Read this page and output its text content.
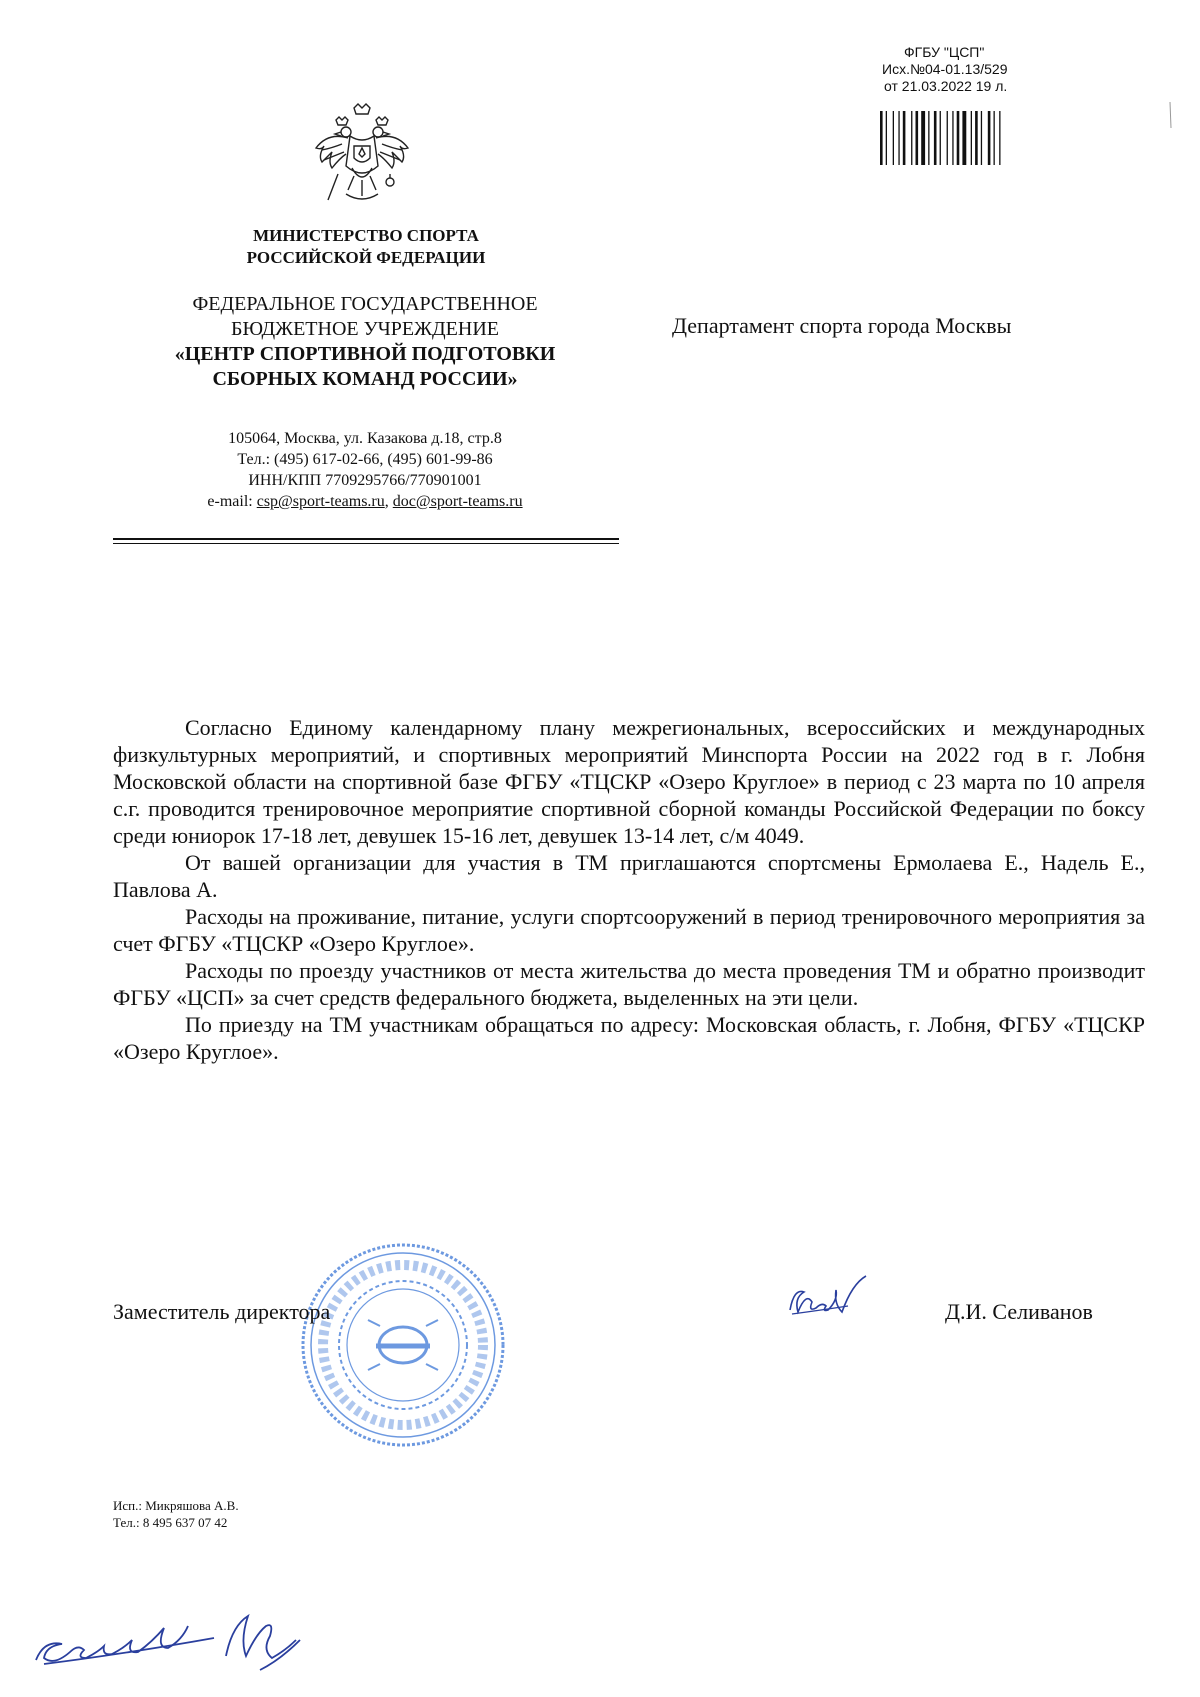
ФГБУ "ЦСП"
Исх.№04-01.13/529
от 21.03.2022 19 л.
МИНИСТЕРСТВО СПОРТА
РОССИЙСКОЙ ФЕДЕРАЦИИ
ФЕДЕРАЛЬНОЕ ГОСУДАРСТВЕННОЕ
БЮДЖЕТНОЕ УЧРЕЖДЕНИЕ
«ЦЕНТР СПОРТИВНОЙ ПОДГОТОВКИ
СБОРНЫХ КОМАНД РОССИИ»
105064, Москва, ул. Казакова д.18, стр.8
Тел.: (495) 617-02-66, (495) 601-99-86
ИНН/КПП 7709295766/770901001
e-mail: csp@sport-teams.ru, doc@sport-teams.ru
Департамент спорта города Москвы

Согласно Единому календарному плану межрегиональных, всероссийских и международных физкультурных мероприятий, и спортивных мероприятий Минспорта России на 2022 год в г. Лобня Московской области на спортивной базе ФГБУ «ТЦСКР «Озеро Круглое» в период с 23 марта по 10 апреля с.г. проводится тренировочное мероприятие спортивной сборной команды Российской Федерации по боксу среди юниорок 17-18 лет, девушек 15-16 лет, девушек 13-14 лет, с/м 4049.

От вашей организации для участия в ТМ приглашаются спортсмены Ермолаева Е., Надель Е., Павлова А.

Расходы на проживание, питание, услуги спортсооружений в период тренировочного мероприятия за счет ФГБУ «ТЦСКР «Озеро Круглое».

Расходы по проезду участников от места жительства до места проведения ТМ и обратно производит ФГБУ «ЦСП» за счет средств федерального бюджета, выделенных на эти цели.

По приезду на ТМ участникам обращаться по адресу: Московская область, г. Лобня, ФГБУ «ТЦСКР «Озеро Круглое».

Заместитель директора	Д.И. Селиванов
Исп.: Микряшова А.В.
Тел.: 8 495 637 07 42
